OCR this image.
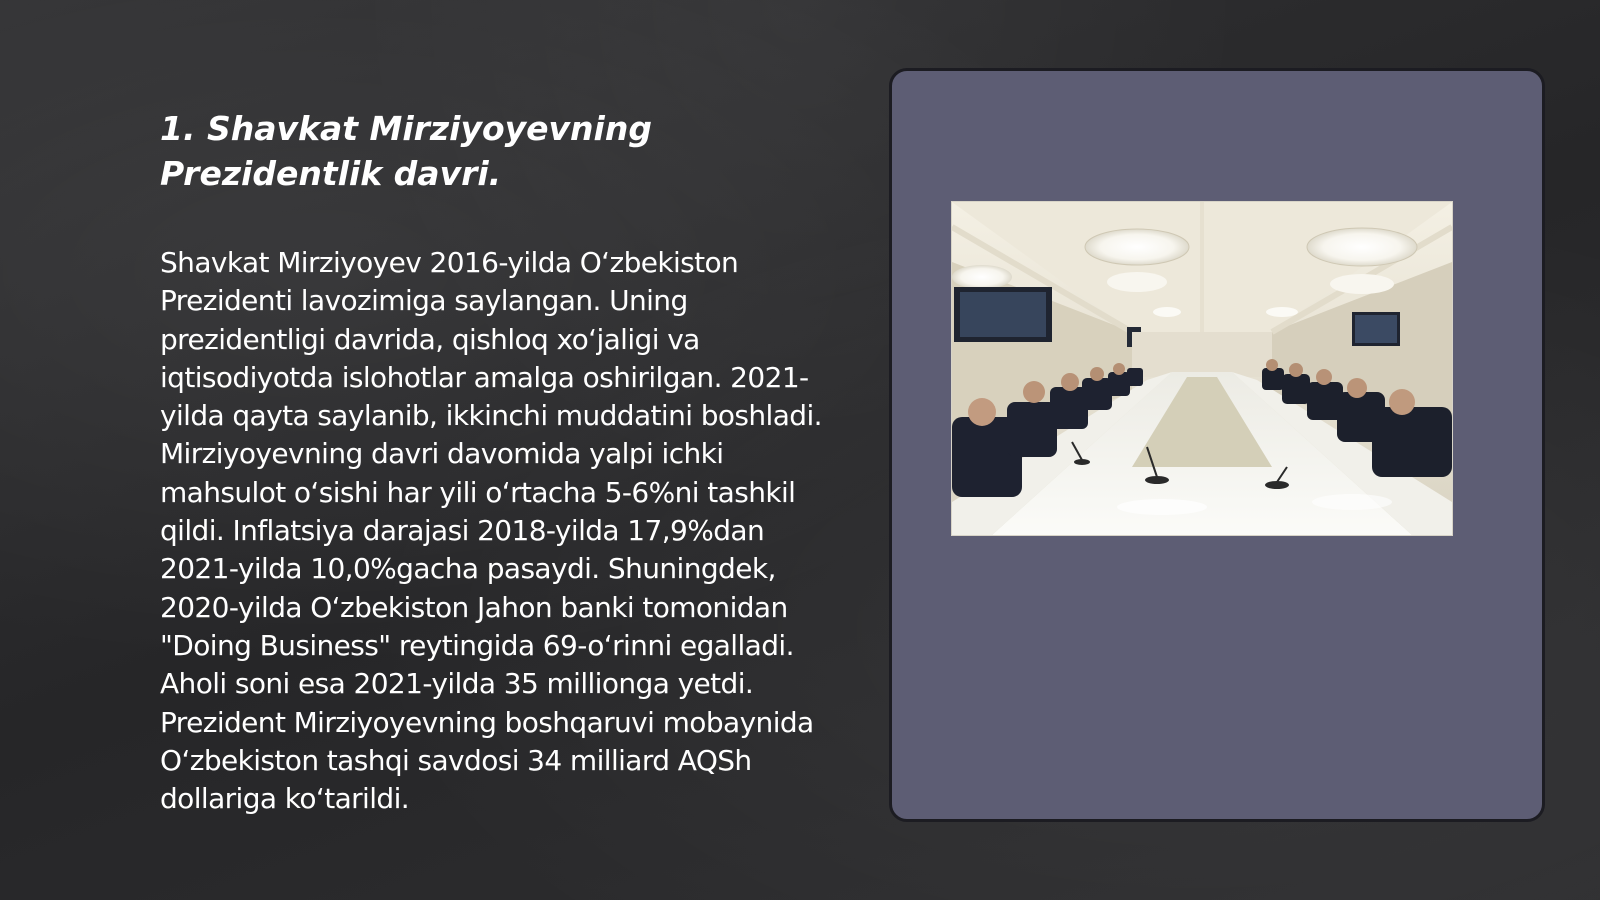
1. Shavkat Mirziyoyevning Prezidentlik davri.

Shavkat Mirziyoyev 2016-yilda O‘zbekiston Prezidenti lavozimiga saylangan. Uning prezidentligi davrida, qishloq xo‘jaligi va iqtisodiyotda islohotlar amalga oshirilgan. 2021-yilda qayta saylanib, ikkinchi muddatini boshladi. Mirziyoyevning davri davomida yalpi ichki mahsulot o‘sishi har yili o‘rtacha 5-6%ni tashkil qildi. Inflatsiya darajasi 2018-yilda 17,9%dan 2021-yilda 10,0%gacha pasaydi. Shuningdek, 2020-yilda O‘zbekiston Jahon banki tomonidan "Doing Business" reytingida 69-o‘rinni egalladi. Aholi soni esa 2021-yilda 35 millionga yetdi. Prezident Mirziyoyevning boshqaruvi mobaynida O‘zbekiston tashqi savdosi 34 milliard AQSh dollariga ko‘tarildi.
